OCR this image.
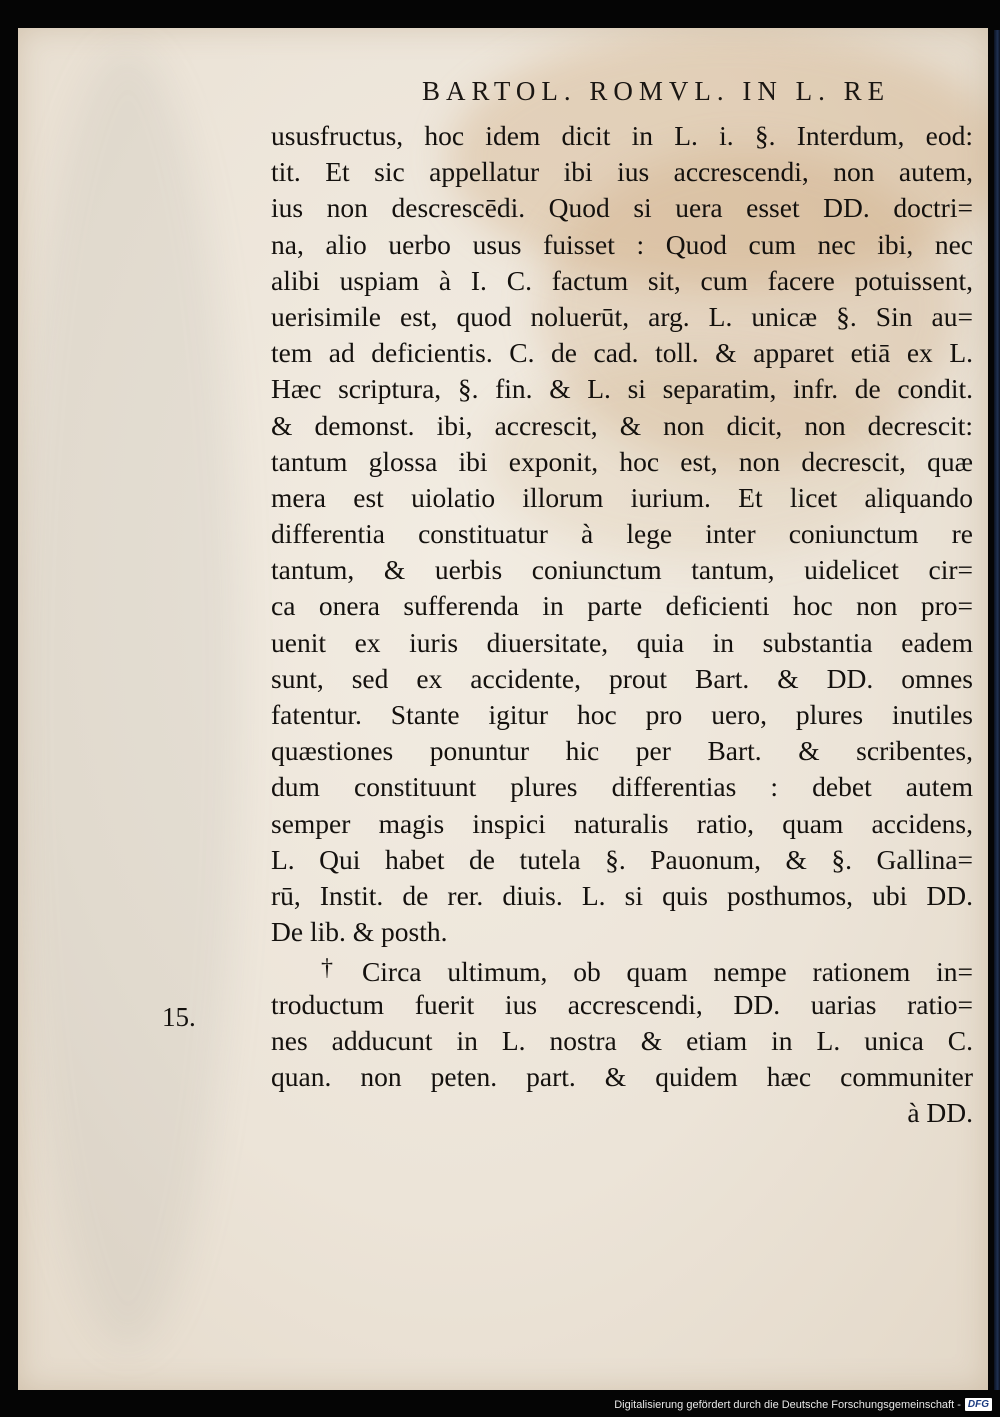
BARTOL. ROMVL. IN L. RE
15.
ususfructus, hoc idem dicit in L. i. §. Interdum, eod:
tit. Et sic appellatur ibi ius accrescendi, non autem,
ius non descrescēdi. Quod si uera esset DD. doctri=
na, alio uerbo usus fuisset : Quod cum nec ibi, nec
alibi uspiam à I. C. factum sit, cum facere potuissent,
uerisimile est, quod noluerūt, arg. L. unicæ §. Sin au=
tem ad deficientis. C. de cad. toll. & apparet etiā ex L.
Hæc scriptura, §. fin. & L. si separatim, infr. de condit.
& demonst. ibi, accrescit, & non dicit, non decrescit:
tantum glossa ibi exponit, hoc est, non decrescit, quæ
mera est uiolatio illorum iurium. Et licet aliquando
differentia constituatur à lege inter coniunctum re
tantum, & uerbis coniunctum tantum, uidelicet cir=
ca onera sufferenda in parte deficienti hoc non pro=
uenit ex iuris diuersitate, quia in substantia eadem
sunt, sed ex accidente, prout Bart. & DD. omnes
fatentur. Stante igitur hoc pro uero, plures inutiles
quæstiones ponuntur hic per Bart. & scribentes,
dum constituunt plures differentias : debet autem
semper magis inspici naturalis ratio, quam accidens,
L. Qui habet de tutela §. Pauonum, & §. Gallina=
rū, Instit. de rer. diuis. L. si quis posthumos, ubi DD.
De lib. & posth.
† Circa ultimum, ob quam nempe rationem in=
troductum fuerit ius accrescendi, DD. uarias ratio=
nes adducunt in L. nostra & etiam in L. unica C.
quan. non peten. part. & quidem hæc communiter
à DD.
Digitalisierung gefördert durch die Deutsche Forschungsgemeinschaft - DFG
